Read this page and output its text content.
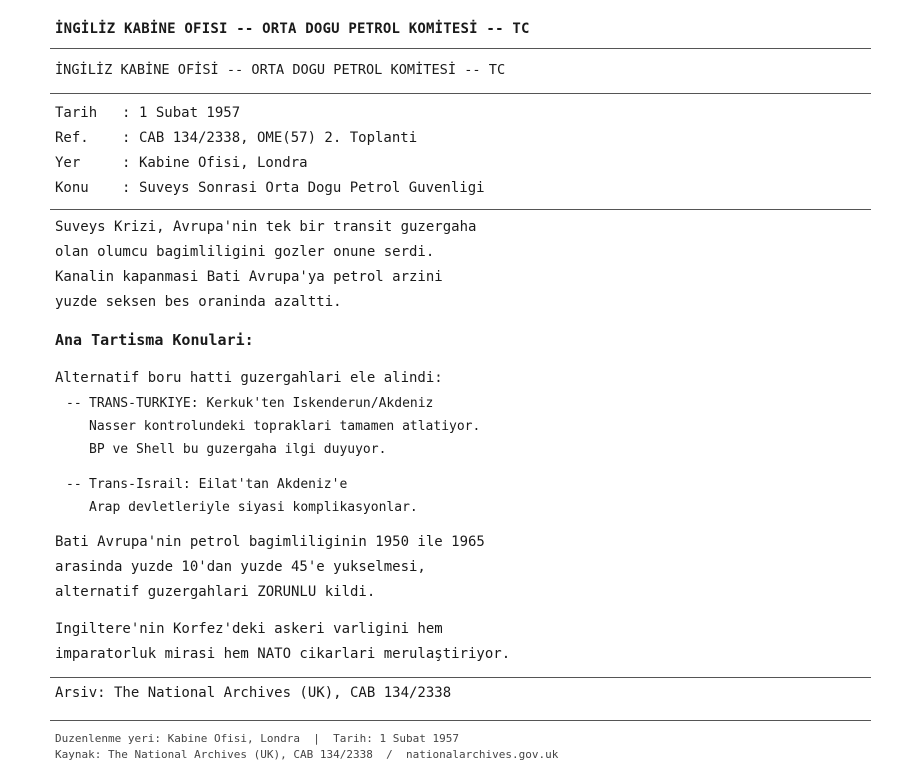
İNGİLİZ KABİNE OFISI -- ORTA DOGU PETROL KOMİTESİ -- TC
İNGİLİZ KABİNE OFİSİ -- ORTA DOGU PETROL KOMİTESİ -- TC
Tarih : 1 Subat 1957
Ref. : CAB 134/2338, OME(57) 2. Toplanti
Yer	: Kabine Ofisi, Londra
Konu : Suveys Sonrasi Orta Dogu Petrol Guvenligi
Suveys Krizi, Avrupa'nin tek bir transit guzergaha
olan olumcu bagimliligini gozler onune serdi.
Kanalin kapanmasi Bati Avrupa'ya petrol arzini
yuzde seksen bes oraninda azaltti.
Ana Tartisma Konulari:
Alternatif boru hatti guzergahlari ele alindi:
-- TRANS-TURKIYE: Kerkuk'ten Iskenderun/Akdeniz
Nasser kontrolundeki topraklari tamamen atlatiyor.
BP ve Shell bu guzergaha ilgi duyuyor.
-- Trans-Israil: Eilat'tan Akdeniz'e
Arap devletleriyle siyasi komplikasyonlar.
Bati Avrupa'nin petrol bagimliliginin 1950 ile 1965
arasinda yuzde 10'dan yuzde 45'e yukselmesi,
alternatif guzergahlari ZORUNLU kildi.
Ingiltere'nin Korfez'deki askeri varligini hem
imparatorluk mirasi hem NATO cikarlari merulaştiriyor.
Arsiv: The National Archives (UK), CAB 134/2338
Duzenlenme yeri: Kabine Ofisi, Londra  |  Tarih: 1 Subat 1957
Kaynak: The National Archives (UK), CAB 134/2338  /  nationalarchives.gov.uk
